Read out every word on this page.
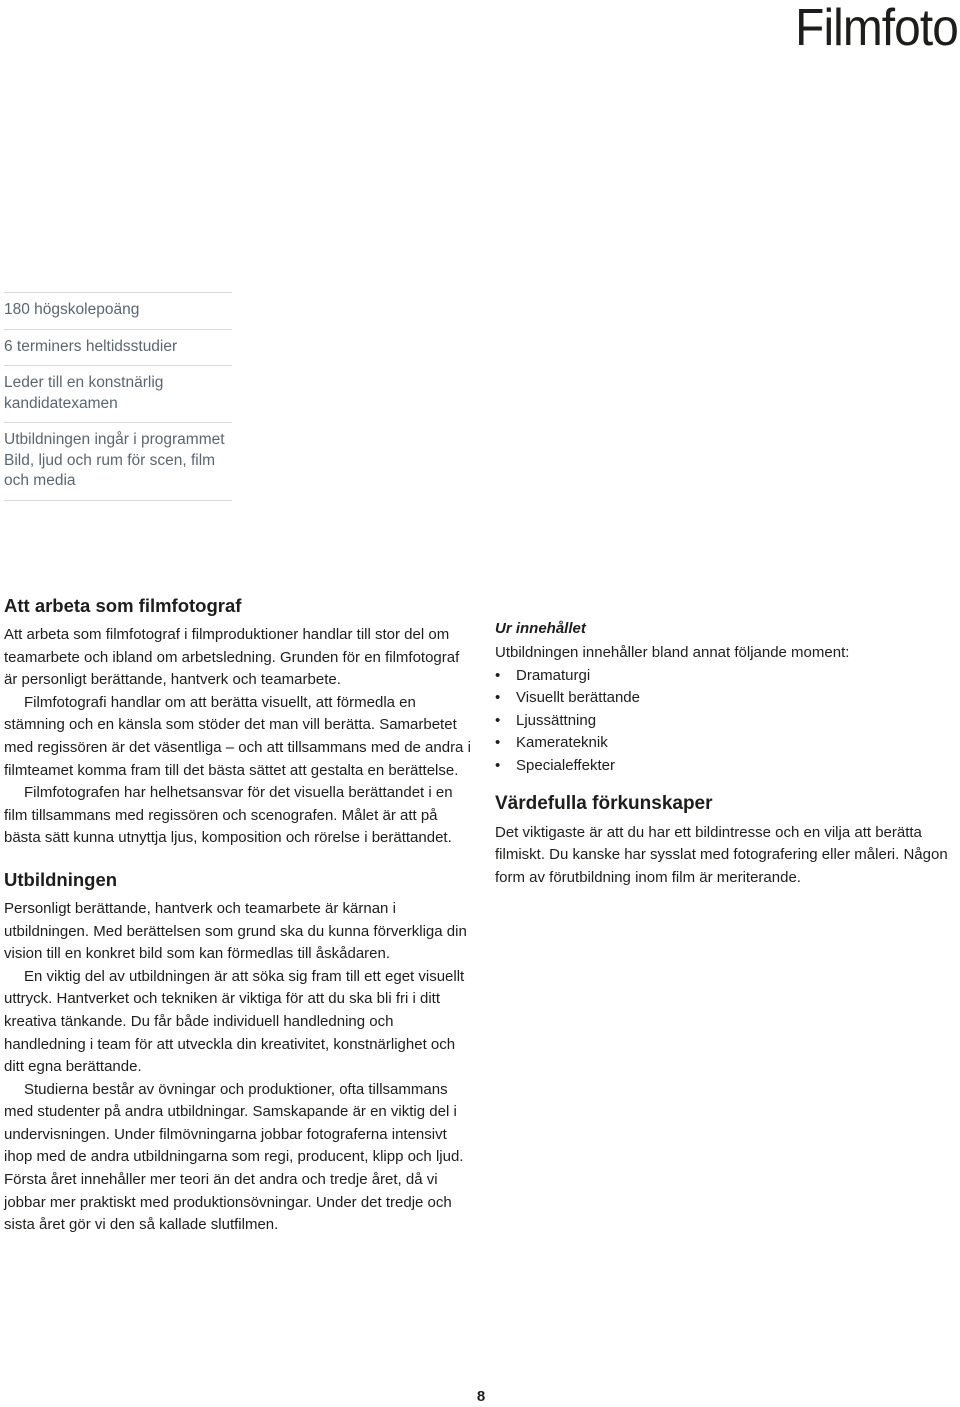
Filmfoto
180 högskolepoäng
6 terminers heltidsstudier
Leder till en konstnärlig kandidatexamen
Utbildningen ingår i programmet Bild, ljud och rum för scen, film och media
Att arbeta som filmfotograf

Att arbeta som filmfotograf i filmproduktioner handlar till stor del om teamarbete och ibland om arbetsledning. Grunden för en filmfotograf är personligt berättande, hantverk och teamarbete.

Filmfotografi handlar om att berätta visuellt, att förmedla en stämning och en känsla som stöder det man vill berätta. Samarbetet med regissören är det väsentliga – och att tillsammans med de andra i filmteamet komma fram till det bästa sättet att gestalta en berättelse.

Filmfotografen har helhetsansvar för det visuella berättandet i en film tillsammans med regissören och scenografen. Målet är att på bästa sätt kunna utnyttja ljus, komposition och rörelse i berättandet.

Utbildningen

Personligt berättande, hantverk och teamarbete är kärnan i utbildningen. Med berättelsen som grund ska du kunna förverkliga din vision till en konkret bild som kan förmedlas till åskådaren.

En viktig del av utbildningen är att söka sig fram till ett eget visuellt uttryck. Hantverket och tekniken är viktiga för att du ska bli fri i ditt kreativa tänkande. Du får både individuell handledning och handledning i team för att utveckla din kreativitet, konstnärlighet och ditt egna berättande.

Studierna består av övningar och produktioner, ofta tillsammans med studenter på andra utbildningar. Samskapande är en viktig del i undervisningen. Under filmövningarna jobbar fotograferna intensivt ihop med de andra utbildningarna som regi, producent, klipp och ljud.

Första året innehåller mer teori än det andra och tredje året, då vi jobbar mer praktiskt med produktionsövningar. Under det tredje och sista året gör vi den så kallade slutfilmen.

Ur innehållet

Utbildningen innehåller bland annat följande moment:

• Dramaturgi
• Visuellt berättande
• Ljussättning
• Kamerateknik
• Specialeffekter
Värdefulla förkunskaper

Det viktigaste är att du har ett bildintresse och en vilja att berätta filmiskt. Du kanske har sysslat med fotografering eller måleri. Någon form av förutbildning inom film är meriterande.

8
